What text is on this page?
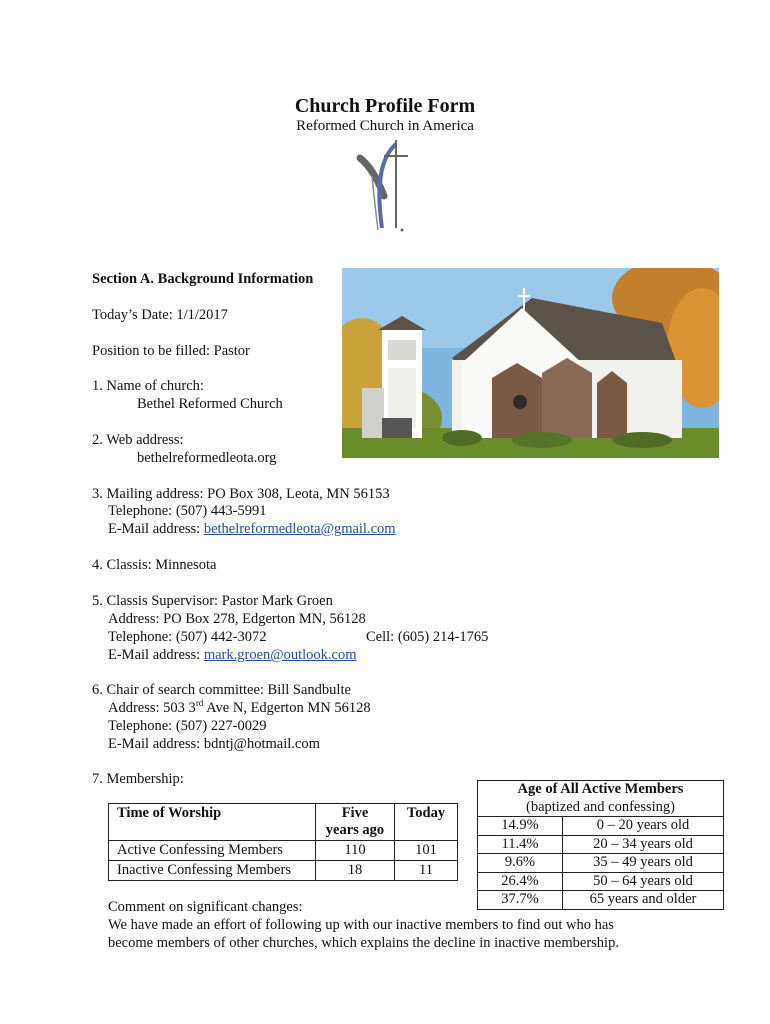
Church Profile Form
Reformed Church in America
Section A. Background Information
Today’s Date: 1/1/2017
Position to be filled: Pastor
1. Name of church:
Bethel Reformed Church
2. Web address:
bethelreformedleota.org
3. Mailing address: PO Box 308, Leota, MN 56153
Telephone: (507) 443-5991
E-Mail address: bethelreformedleota@gmail.com
4. Classis: Minnesota
5. Classis Supervisor: Pastor Mark Groen
Address: PO Box 278, Edgerton MN, 56128
Telephone: (507) 442-3072	Cell: (605) 214-1765
E-Mail address: mark.groen@outlook.com
6. Chair of search committee: Bill Sandbulte
Address: 503 3rd Ave N, Edgerton MN 56128
Telephone: (507) 227-0029
E-Mail address: bdntj@hotmail.com
7. Membership:
Time of Worship	Five years ago	Today
Active Confessing Members	110	101
Inactive Confessing Members	18	11
Age of All Active Members	
(baptized and confessing)	
14.9%	0 – 20 years old
11.4%	20 – 34 years old
9.6%	35 – 49 years old
26.4%	50 – 64 years old
37.7%	65 years and older
Comment on significant changes:
We have made an effort of following up with our inactive members to find out who has
become members of other churches, which explains the decline in inactive membership.
